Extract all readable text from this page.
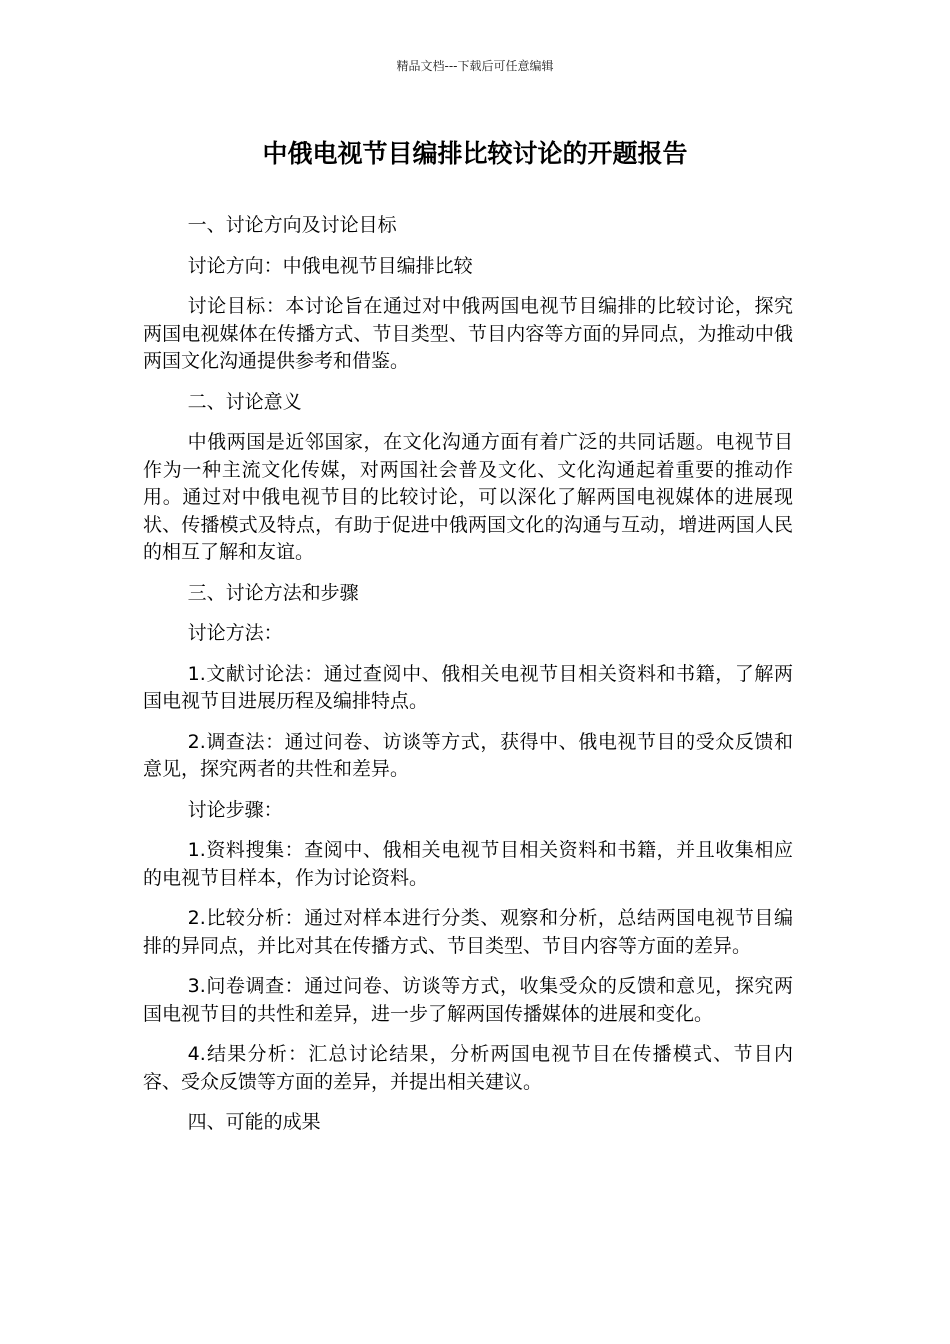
精品文档---下载后可任意编辑
中俄电视节目编排比较讨论的开题报告

一、讨论方向及讨论目标

讨论方向：中俄电视节目编排比较

讨论目标：本讨论旨在通过对中俄两国电视节目编排的比较讨论，探究两国电视媒体在传播方式、节目类型、节目内容等方面的异同点，为推动中俄两国文化沟通提供参考和借鉴。

二、讨论意义

中俄两国是近邻国家，在文化沟通方面有着广泛的共同话题。电视节目作为一种主流文化传媒，对两国社会普及文化、文化沟通起着重要的推动作用。通过对中俄电视节目的比较讨论，可以深化了解两国电视媒体的进展现状、传播模式及特点，有助于促进中俄两国文化的沟通与互动，增进两国人民的相互了解和友谊。

三、讨论方法和步骤

讨论方法：

1.文献讨论法：通过查阅中、俄相关电视节目相关资料和书籍，了解两国电视节目进展历程及编排特点。

2.调查法：通过问卷、访谈等方式，获得中、俄电视节目的受众反馈和意见，探究两者的共性和差异。

讨论步骤：

1.资料搜集：查阅中、俄相关电视节目相关资料和书籍，并且收集相应的电视节目样本，作为讨论资料。

2.比较分析：通过对样本进行分类、观察和分析，总结两国电视节目编排的异同点，并比对其在传播方式、节目类型、节目内容等方面的差异。

3.问卷调查：通过问卷、访谈等方式，收集受众的反馈和意见，探究两国电视节目的共性和差异，进一步了解两国传播媒体的进展和变化。

4.结果分析：汇总讨论结果，分析两国电视节目在传播模式、节目内容、受众反馈等方面的差异，并提出相关建议。

四、可能的成果
